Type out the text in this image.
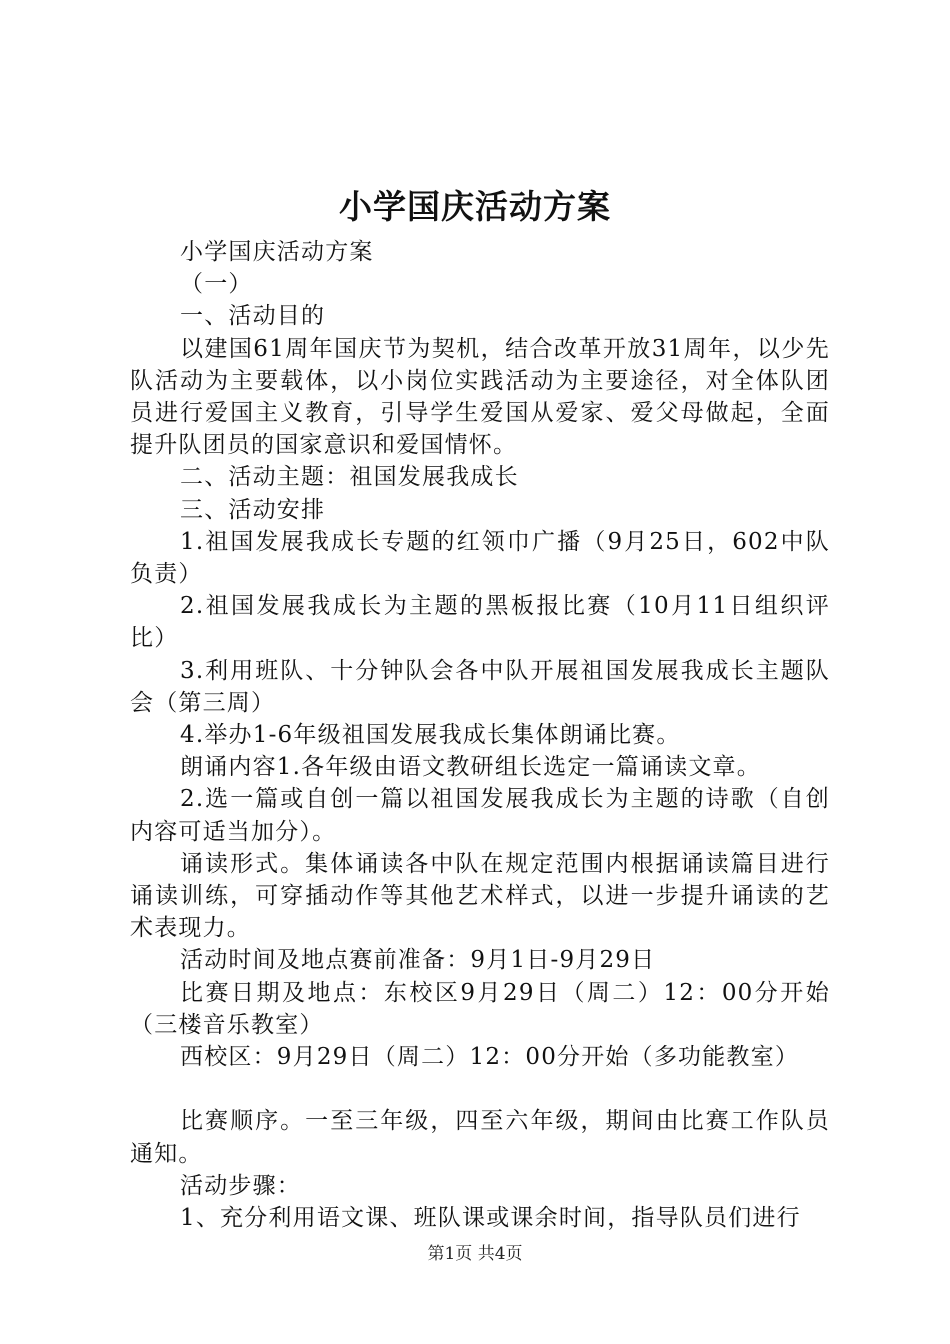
小学国庆活动方案

小学国庆活动方案

（一）

一、活动目的

以建国61周年国庆节为契机，结合改革开放31周年，以少先队活动为主要载体，以小岗位实践活动为主要途径，对全体队团员进行爱国主义教育，引导学生爱国从爱家、爱父母做起，全面提升队团员的国家意识和爱国情怀。

二、活动主题：祖国发展我成长

三、活动安排

1.祖国发展我成长专题的红领巾广播（9月25日，602中队负责）

2.祖国发展我成长为主题的黑板报比赛（10月11日组织评比）

3.利用班队、十分钟队会各中队开展祖国发展我成长主题队会（第三周）

4.举办1-6年级祖国发展我成长集体朗诵比赛。

朗诵内容1.各年级由语文教研组长选定一篇诵读文章。

2.选一篇或自创一篇以祖国发展我成长为主题的诗歌（自创内容可适当加分）。

诵读形式。集体诵读各中队在规定范围内根据诵读篇目进行诵读训练，可穿插动作等其他艺术样式，以进一步提升诵读的艺术表现力。

活动时间及地点赛前准备：9月1日-9月29日

比赛日期及地点：东校区9月29日（周二）12：00分开始（三楼音乐教室）

西校区：9月29日（周二）12：00分开始（多功能教室）

比赛顺序。一至三年级，四至六年级，期间由比赛工作队员通知。

活动步骤：

1、充分利用语文课、班队课或课余时间，指导队员们进行

第1页 共4页
